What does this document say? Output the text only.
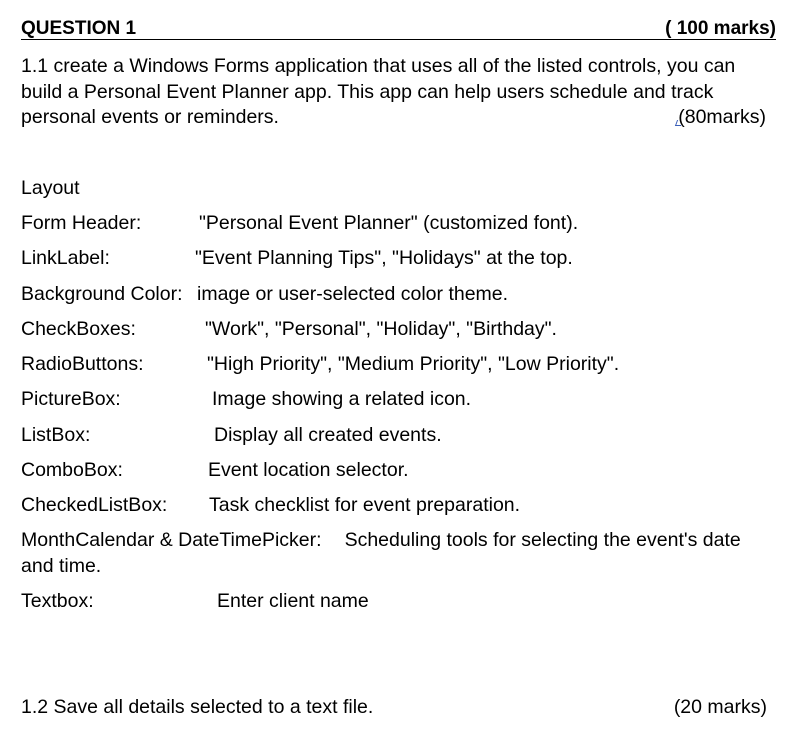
QUESTION 1	( 100 marks)
1.1 create a Windows Forms application that uses all of the listed controls, you can build a Personal Event Planner app. This app can help users schedule and track personal events or reminders.	(80marks)
Layout
Form Header:	"Personal Event Planner" (customized font).
LinkLabel:	"Event Planning Tips", "Holidays" at the top.
Background Color: image or user-selected color theme.
CheckBoxes:	"Work", "Personal", "Holiday", "Birthday".
RadioButtons:	"High Priority", "Medium Priority", "Low Priority".
PictureBox:	Image showing a related icon.
ListBox:	Display all created events.
ComboBox:	Event location selector.
CheckedListBox: Task checklist for event preparation.
MonthCalendar & DateTimePicker: Scheduling tools for selecting the event's date and time.
Textbox:	Enter client name
1.2 Save all details selected to a text file.	(20 marks)
